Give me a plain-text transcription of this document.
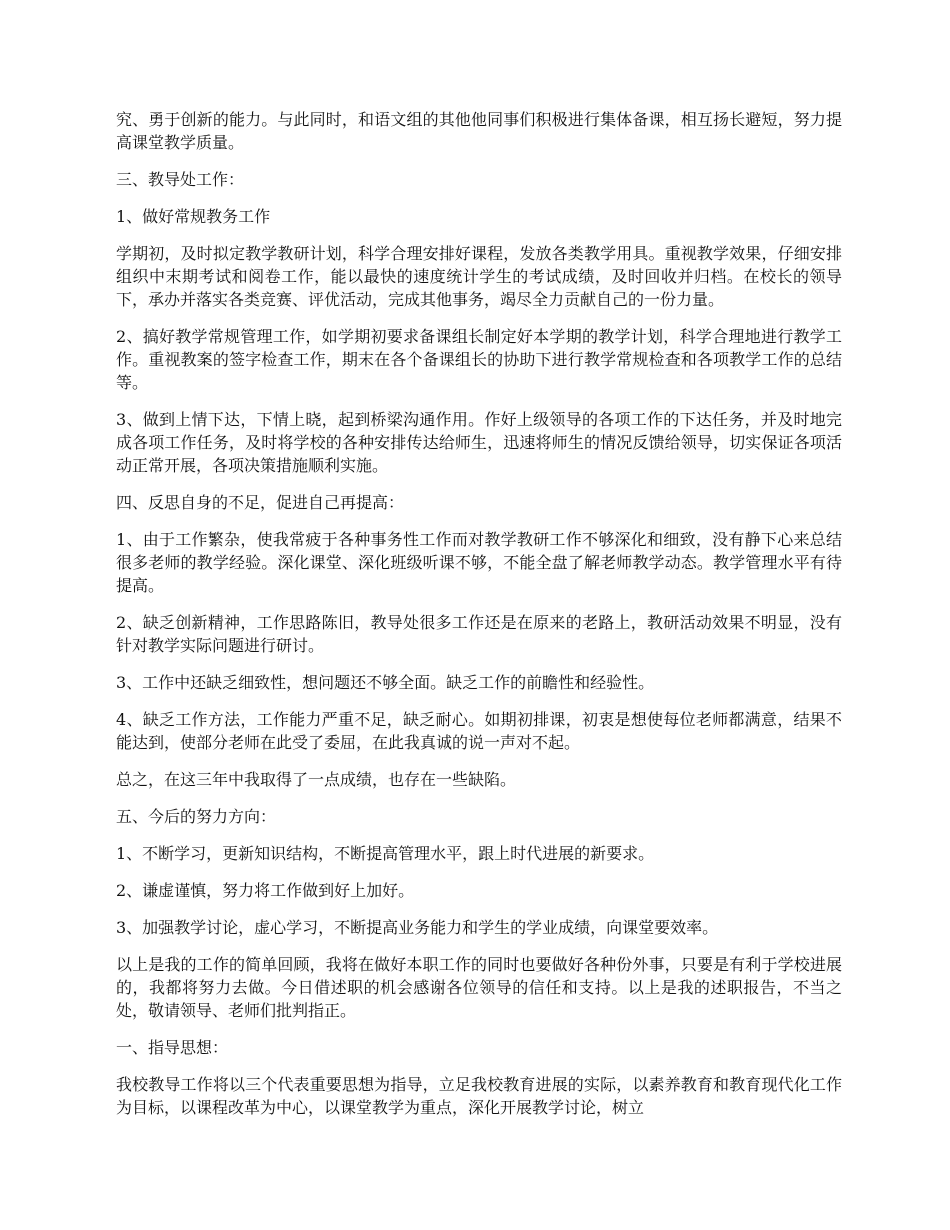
究、勇于创新的能力。与此同时，和语文组的其他他同事们积极进行集体备课，相互扬长避短，努力提高课堂教学质量。

三、教导处工作：

1、做好常规教务工作

学期初，及时拟定教学教研计划，科学合理安排好课程，发放各类教学用具。重视教学效果，仔细安排组织中末期考试和阅卷工作，能以最快的速度统计学生的考试成绩，及时回收并归档。在校长的领导下，承办并落实各类竞赛、评优活动，完成其他事务，竭尽全力贡献自己的一份力量。

2、搞好教学常规管理工作，如学期初要求备课组长制定好本学期的教学计划，科学合理地进行教学工作。重视教案的签字检查工作，期末在各个备课组长的协助下进行教学常规检查和各项教学工作的总结等。

3、做到上情下达，下情上晓，起到桥梁沟通作用。作好上级领导的各项工作的下达任务，并及时地完成各项工作任务，及时将学校的各种安排传达给师生，迅速将师生的情况反馈给领导，切实保证各项活动正常开展，各项决策措施顺利实施。

四、反思自身的不足，促进自己再提高：

1、由于工作繁杂，使我常疲于各种事务性工作而对教学教研工作不够深化和细致，没有静下心来总结很多老师的教学经验。深化课堂、深化班级听课不够，不能全盘了解老师教学动态。教学管理水平有待提高。

2、缺乏创新精神，工作思路陈旧，教导处很多工作还是在原来的老路上，教研活动效果不明显，没有针对教学实际问题进行研讨。

3、工作中还缺乏细致性，想问题还不够全面。缺乏工作的前瞻性和经验性。

4、缺乏工作方法，工作能力严重不足，缺乏耐心。如期初排课，初衷是想使每位老师都满意，结果不能达到，使部分老师在此受了委屈，在此我真诚的说一声对不起。

总之，在这三年中我取得了一点成绩，也存在一些缺陷。

五、今后的努力方向：

1、不断学习，更新知识结构，不断提高管理水平，跟上时代进展的新要求。

2、谦虚谨慎，努力将工作做到好上加好。

3、加强教学讨论，虚心学习，不断提高业务能力和学生的学业成绩，向课堂要效率。

以上是我的工作的简单回顾，我将在做好本职工作的同时也要做好各种份外事，只要是有利于学校进展的，我都将努力去做。今日借述职的机会感谢各位领导的信任和支持。以上是我的述职报告，不当之处，敬请领导、老师们批判指正。

一、指导思想：

我校教导工作将以三个代表重要思想为指导，立足我校教育进展的实际，以素养教育和教育现代化工作为目标，以课程改革为中心，以课堂教学为重点，深化开展教学讨论，树立
